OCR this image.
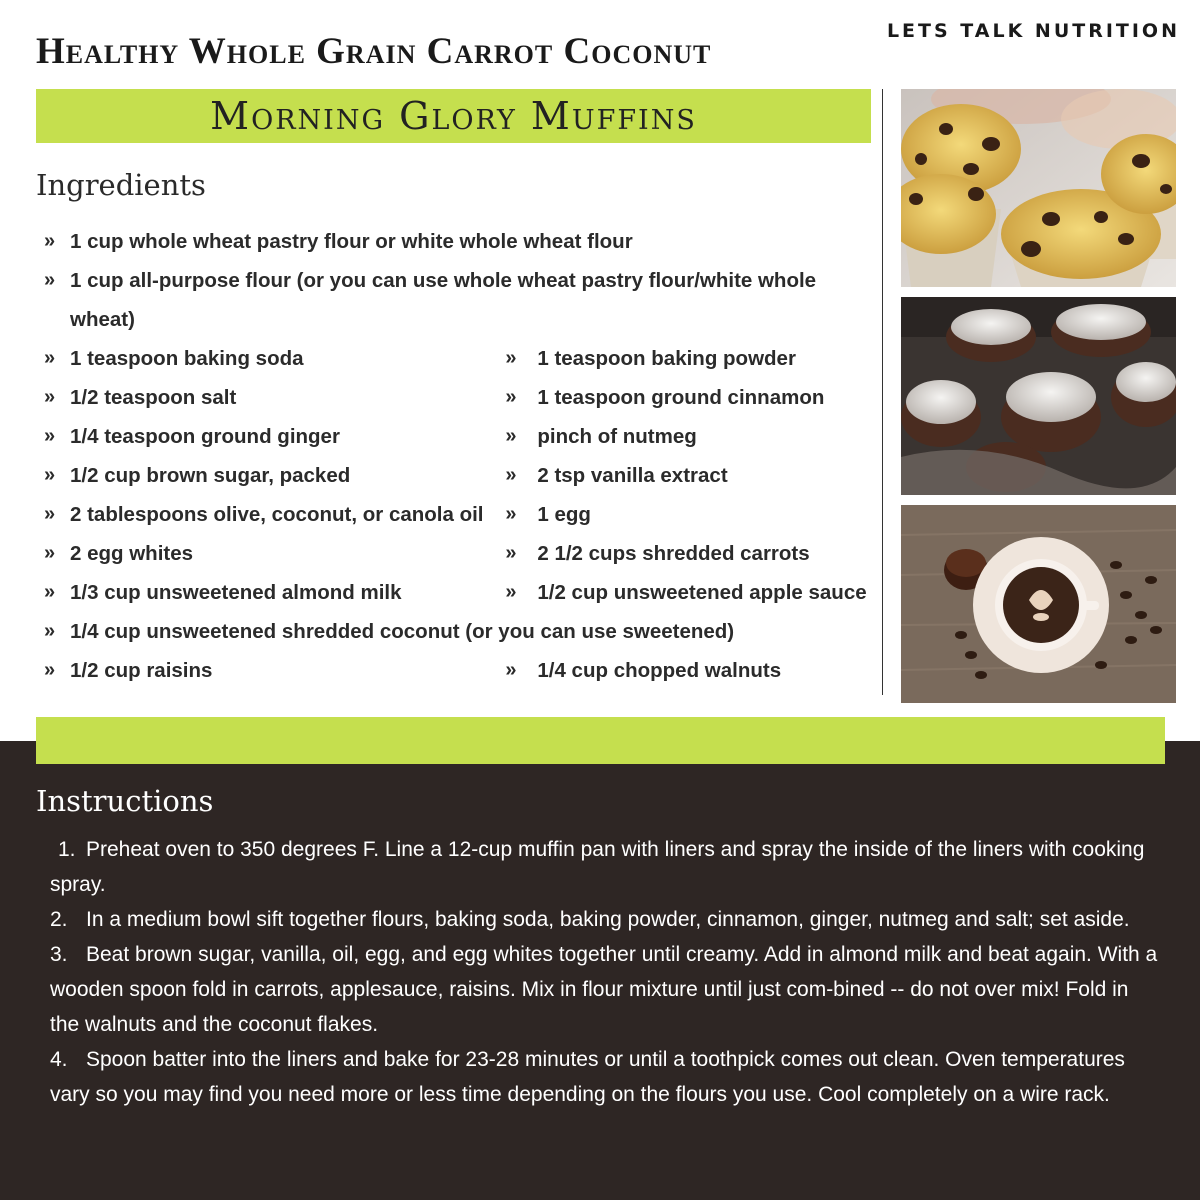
LETS TALK NUTRITION
Healthy Whole Grain Carrot Coconut
Morning Glory Muffins
Ingredients
» 1 cup whole wheat pastry flour or white whole wheat flour
» 1 cup all-purpose flour (or you can use whole wheat pastry flour/white whole wheat)
» 1 teaspoon baking soda	»	1 teaspoon baking powder
» 1/2 teaspoon salt	»	1 teaspoon ground cinnamon
» 1/4 teaspoon ground ginger	»	pinch of nutmeg
» 1/2 cup brown sugar, packed	»	2 tsp vanilla extract
» 2 tablespoons olive, coconut, or canola oil »	1 egg
» 2 egg whites	»	2 1/2 cups shredded carrots
» 1/3 cup unsweetened almond milk	»	1/2 cup unsweetened apple sauce
» 1/4 cup unsweetened shredded coconut (or you can use sweetened)
» 1/2 cup raisins	»	1/4 cup chopped walnuts
Instructions
1. Preheat oven to 350 degrees F. Line a 12-cup muffin pan with liners and spray the inside of the liners with cooking spray.
2. In a medium bowl sift together flours, baking soda, baking powder, cinnamon, ginger, nutmeg and salt; set aside.
3. Beat brown sugar, vanilla, oil, egg, and egg whites together until creamy. Add in almond milk and beat again. With a wooden spoon fold in carrots, applesauce, raisins. Mix in flour mixture until just com-bined -- do not over mix! Fold in the walnuts and the coconut flakes.
4. Spoon batter into the liners and bake for 23-28 minutes or until a toothpick comes out clean. Oven temperatures vary so you may find you need more or less time depending on the flours you use. Cool completely on a wire rack.
